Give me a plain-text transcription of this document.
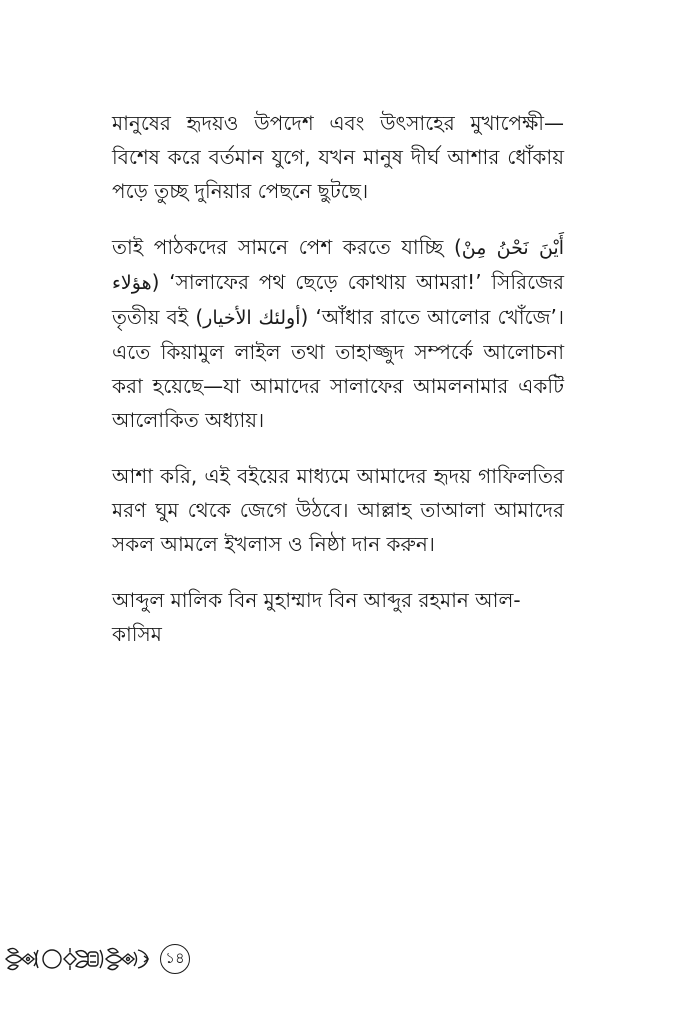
মানুষের হৃদয়ও উপদেশ এবং উৎসাহের মুখাপেক্ষী—বিশেষ করে বর্তমান যুগে, যখন মানুষ দীর্ঘ আশার ধোঁকায় পড়ে তুচ্ছ দুনিয়ার পেছনে ছুটছে।

তাই পাঠকদের সামনে পেশ করতে যাচ্ছি (أَيْنَ نَحْنُ مِنْ هؤلاء) ‘সালাফের পথ ছেড়ে কোথায় আমরা!’ সিরিজের তৃতীয় বই (أولئك الأخيار) ‘আঁধার রাতে আলোর খোঁজে’। এতে কিয়ামুল লাইল তথা তাহাজ্জুদ সম্পর্কে আলোচনা করা হয়েছে—যা আমাদের সালাফের আমলনামার একটি আলোকিত অধ্যায়।

আশা করি, এই বইয়ের মাধ্যমে আমাদের হৃদয় গাফিলতির মরণ ঘুম থেকে জেগে উঠবে। আল্লাহ তাআলা আমাদের সকল আমলে ইখলাস ও নিষ্ঠা দান করুন।

আব্দুল মালিক বিন মুহাম্মাদ বিন আব্দুর রহমান আল-কাসিম

১৪
